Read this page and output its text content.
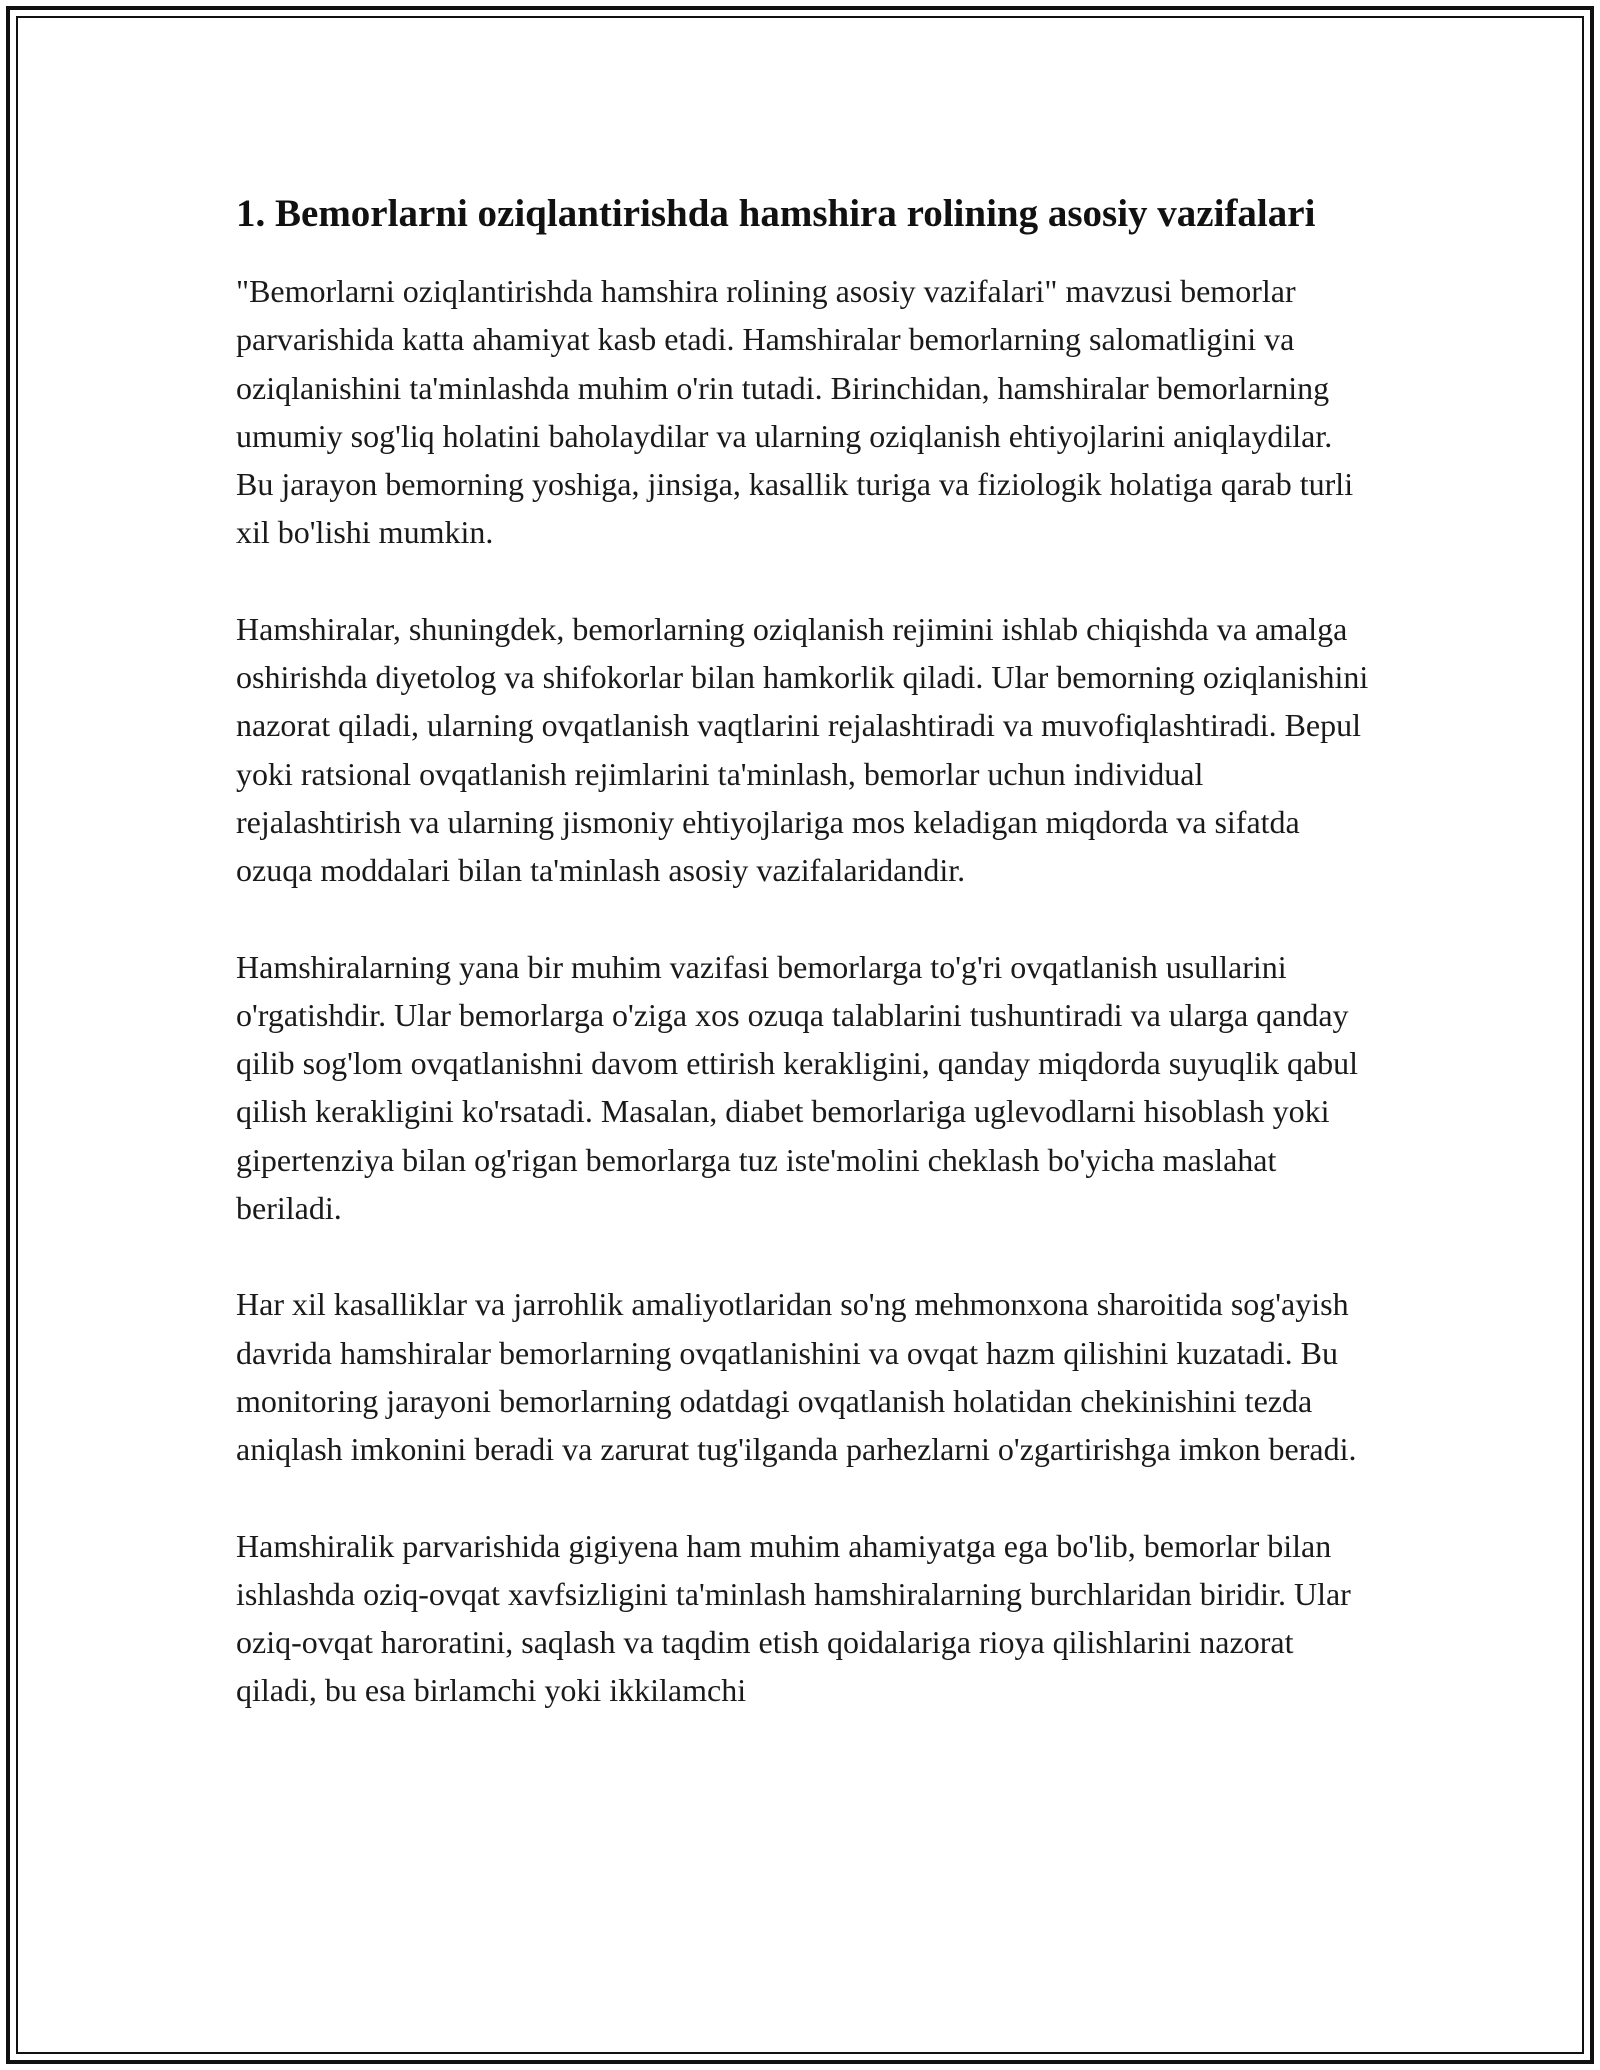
1. Bemorlarni oziqlantirishda hamshira rolining asosiy vazifalari

"Bemorlarni oziqlantirishda hamshira rolining asosiy vazifalari" mavzusi bemorlar parvarishida katta ahamiyat kasb etadi. Hamshiralar bemorlarning salomatligini va oziqlanishini ta'minlashda muhim o'rin tutadi. Birinchidan, hamshiralar bemorlarning umumiy sog'liq holatini baholaydilar va ularning oziqlanish ehtiyojlarini aniqlaydilar. Bu jarayon bemorning yoshiga, jinsiga, kasallik turiga va fiziologik holatiga qarab turli xil bo'lishi mumkin.

Hamshiralar, shuningdek, bemorlarning oziqlanish rejimini ishlab chiqishda va amalga oshirishda diyetolog va shifokorlar bilan hamkorlik qiladi. Ular bemorning oziqlanishini nazorat qiladi, ularning ovqatlanish vaqtlarini rejalashtiradi va muvofiqlashtiradi. Bepul yoki ratsional ovqatlanish rejimlarini ta'minlash, bemorlar uchun individual rejalashtirish va ularning jismoniy ehtiyojlariga mos keladigan miqdorda va sifatda ozuqa moddalari bilan ta'minlash asosiy vazifalaridandir.

Hamshiralarning yana bir muhim vazifasi bemorlarga to'g'ri ovqatlanish usullarini o'rgatishdir. Ular bemorlarga o'ziga xos ozuqa talablarini tushuntiradi va ularga qanday qilib sog'lom ovqatlanishni davom ettirish kerakligini, qanday miqdorda suyuqlik qabul qilish kerakligini ko'rsatadi. Masalan, diabet bemorlariga uglevodlarni hisoblash yoki gipertenziya bilan og'rigan bemorlarga tuz iste'molini cheklash bo'yicha maslahat beriladi.

Har xil kasalliklar va jarrohlik amaliyotlaridan so'ng mehmonxona sharoitida sog'ayish davrida hamshiralar bemorlarning ovqatlanishini va ovqat hazm qilishini kuzatadi. Bu monitoring jarayoni bemorlarning odatdagi ovqatlanish holatidan chekinishini tezda aniqlash imkonini beradi va zarurat tug'ilganda parhezlarni o'zgartirishga imkon beradi.

Hamshiralik parvarishida gigiyena ham muhim ahamiyatga ega bo'lib, bemorlar bilan ishlashda oziq-ovqat xavfsizligini ta'minlash hamshiralarning burchlaridan biridir. Ular oziq-ovqat haroratini, saqlash va taqdim etish qoidalariga rioya qilishlarini nazorat qiladi, bu esa birlamchi yoki ikkilamchi
